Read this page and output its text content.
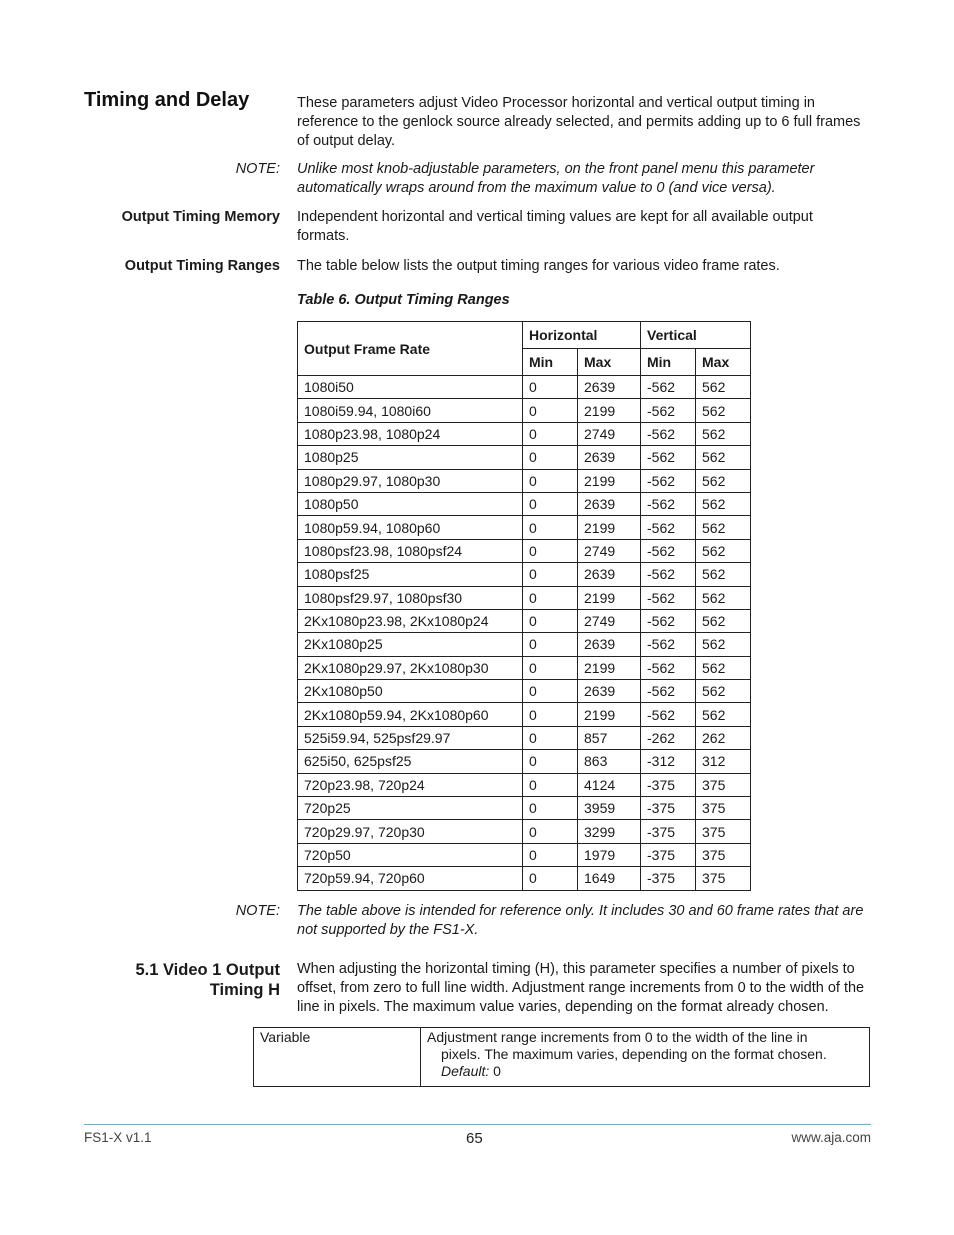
Timing and Delay	These parameters adjust Video Processor horizontal and vertical output timing in reference to the genlock source already selected, and permits adding up to 6 full frames of output delay.
NOTE: Unlike most knob-adjustable parameters, on the front panel menu this parameter automatically wraps around from the maximum value to 0 (and vice versa).
Output Timing Memory Independent horizontal and vertical timing values are kept for all available output formats.
Output Timing Ranges The table below lists the output timing ranges for various video frame rates.
Table 6. Output Timing Ranges
Output Frame Rate	Horizontal		Vertical	
	Min	Max	Min	Max
1080i50	0	2639	-562	562
1080i59.94, 1080i60	0	2199	-562	562
1080p23.98, 1080p24	0	2749	-562	562
1080p25	0	2639	-562	562
1080p29.97, 1080p30	0	2199	-562	562
1080p50	0	2639	-562	562
1080p59.94, 1080p60	0	2199	-562	562
1080psf23.98, 1080psf24	0	2749	-562	562
1080psf25	0	2639	-562	562
1080psf29.97, 1080psf30	0	2199	-562	562
2Kx1080p23.98, 2Kx1080p24	0	2749	-562	562
2Kx1080p25	0	2639	-562	562
2Kx1080p29.97, 2Kx1080p30	0	2199	-562	562
2Kx1080p50	0	2639	-562	562
2Kx1080p59.94, 2Kx1080p60	0	2199	-562	562
525i59.94, 525psf29.97	0	857	-262	262
625i50, 625psf25	0	863	-312	312
720p23.98, 720p24	0	4124	-375	375
720p25	0	3959	-375	375
720p29.97, 720p30	0	3299	-375	375
720p50	0	1979	-375	375
720p59.94, 720p60	0	1649	-375	375
NOTE: The table above is intended for reference only. It includes 30 and 60 frame rates that are not supported by the FS1-X.
5.1 Video 1 Output
Timing H
When adjusting the horizontal timing (H), this parameter specifies a number of pixels to offset, from zero to full line width. Adjustment range increments from 0 to the width of the line in pixels. The maximum value varies, depending on the format already chosen.
Variable	Adjustment range increments from 0 to the width of the line in
pixels. The maximum varies, depending on the format chosen.
Default: 0
FS1-X v1.1	65	www.aja.com
